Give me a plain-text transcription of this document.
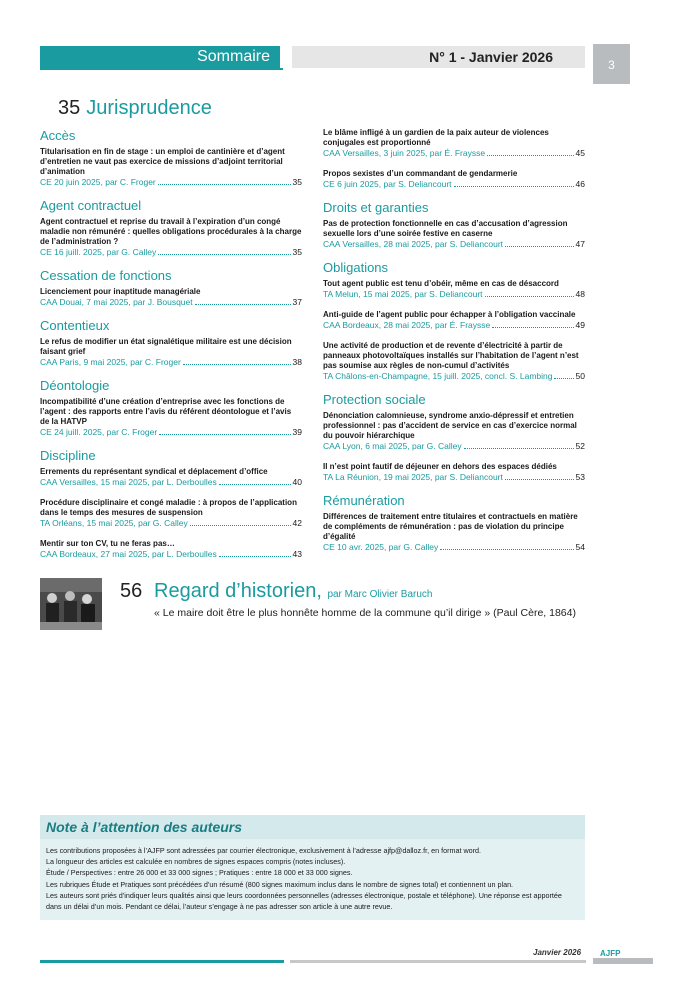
Sommaire	N° 1 - Janvier 2026	3
35 Jurisprudence
Accès
Titularisation en fin de stage : un emploi de cantinière et d’agent d’entretien ne vaut pas exercice de missions d’adjoint territorial d’animation
CE 20 juin 2025, par C. Froger	35
Agent contractuel
Agent contractuel et reprise du travail à l’expiration d’un congé maladie non rémunéré : quelles obligations procédurales à la charge de l’administration ?
CE 16 juill. 2025, par G. Calley	35
Cessation de fonctions
Licenciement pour inaptitude managériale
CAA Douai, 7 mai 2025, par J. Bousquet	37
Contentieux
Le refus de modifier un état signalétique militaire est une décision faisant grief
CAA Paris, 9 mai 2025, par C. Froger	38
Déontologie
Incompatibilité d’une création d’entreprise avec les fonctions de l’agent : des rapports entre l’avis du référent déontologue et l’avis de la HATVP
CE 24 juill. 2025, par C. Froger	39
Discipline
Errements du représentant syndical et déplacement d’office
CAA Versailles, 15 mai 2025, par L. Derboulles	40
Procédure disciplinaire et congé maladie : à propos de l’application dans le temps des mesures de suspension
TA Orléans, 15 mai 2025, par G. Calley	42
Mentir sur ton CV, tu ne feras pas…
CAA Bordeaux, 27 mai 2025, par L. Derboulles	43
Le blâme infligé à un gardien de la paix auteur de violences conjugales est proportionné
CAA Versailles, 3 juin 2025, par É. Fraysse	45
Propos sexistes d’un commandant de gendarmerie
CE 6 juin 2025, par S. Deliancourt	46
Droits et garanties
Pas de protection fonctionnelle en cas d’accusation d’agression sexuelle lors d’une soirée festive en caserne
CAA Versailles, 28 mai 2025, par S. Deliancourt	47
Obligations
Tout agent public est tenu d’obéir, même en cas de désaccord
TA Melun, 15 mai 2025, par S. Deliancourt	48
Anti-guide de l’agent public pour échapper à l’obligation vaccinale
CAA Bordeaux, 28 mai 2025, par É. Fraysse	49
Une activité de production et de revente d’électricité à partir de panneaux photovoltaïques installés sur l’habitation de l’agent n’est pas soumise aux règles de non-cumul d’activités
TA Châlons-en-Champagne, 15 juill. 2025, concl. S. Lambing	50
Protection sociale
Dénonciation calomnieuse, syndrome anxio-dépressif et entretien professionnel : pas d’accident de service en cas d’exercice normal du pouvoir hiérarchique
CAA Lyon, 6 mai 2025, par G. Calley	52
Il n’est point fautif de déjeuner en dehors des espaces dédiés
TA La Réunion, 19 mai 2025, par S. Deliancourt	53
Rémunération
Différences de traitement entre titulaires et contractuels en matière de compléments de rémunération : pas de violation du principe d’égalité
CE 10 avr. 2025, par G. Calley	54
56 Regard d’historien, par Marc Olivier Baruch
« Le maire doit être le plus honnête homme de la commune qu’il dirige » (Paul Cère, 1864)
Note à l’attention des auteurs

Les contributions proposées à l’AJFP sont adressées par courrier électronique, exclusivement à l’adresse ajfp@dalloz.fr, en format word.

La longueur des articles est calculée en nombres de signes espaces compris (notes incluses).

Étude / Perspectives : entre 26 000 et 33 000 signes ; Pratiques : entre 18 000 et 33 000 signes.

Les rubriques Étude et Pratiques sont précédées d’un résumé (800 signes maximum inclus dans le nombre de signes total) et contiennent un plan.

Les auteurs sont priés d’indiquer leurs qualités ainsi que leurs coordonnées personnelles (adresses électronique, postale et téléphone). Une réponse est apportée dans un délai d’un mois. Pendant ce délai, l’auteur s’engage à ne pas adresser son article à une autre revue.

Janvier 2026 AJFP
